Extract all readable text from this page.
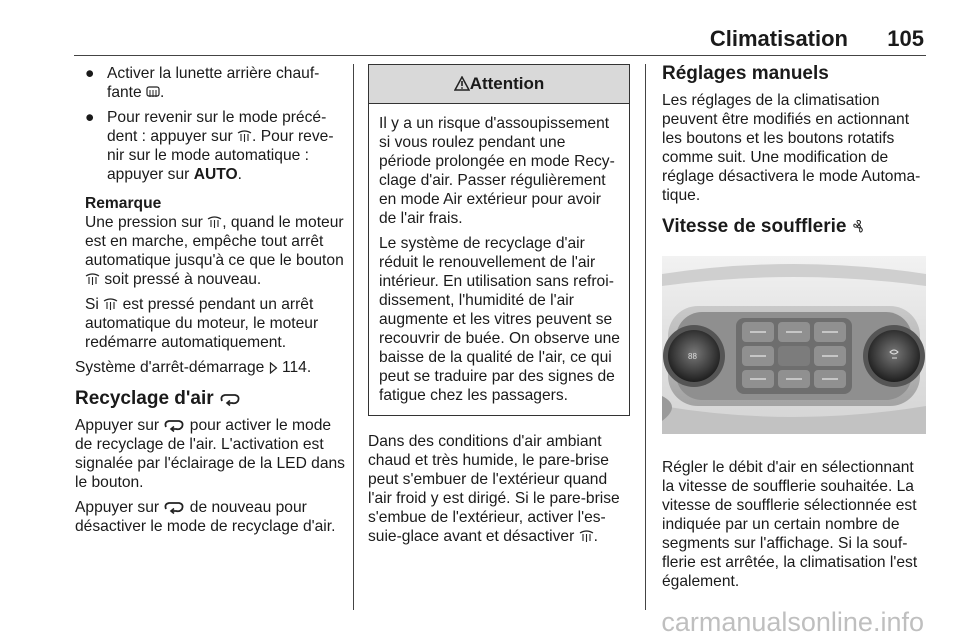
Climatisation 105
● Activer la lunette arrière chauf-fante .
● Pour revenir sur le mode précé-dent : appuyer sur . Pour reve-nir sur le mode automatique : appuyer sur AUTO.
Remarque

Une pression sur , quand le moteur est en marche, empêche tout arrêt automatique jusqu'à ce que le bouton  soit pressé à nouveau.

Si est pressé pendant un arrêt automatique du moteur, le moteur redémarre automatiquement.

Système d'arrêt-démarrage 114.

Recyclage d'air

Appuyer sur pour activer le mode de recyclage de l'air. L'activation est signalée par l'éclairage de la LED dans le bouton.

Appuyer sur de nouveau pour désactiver le mode de recyclage d'air.

Attention

Il y a un risque d'assoupissement si vous roulez pendant une période prolongée en mode Recy-clage d'air. Passer régulièrement en mode Air extérieur pour avoir de l'air frais.

Le système de recyclage d'air réduit le renouvellement de l'air intérieur. En utilisation sans refroi-dissement, l'humidité de l'air augmente et les vitres peuvent se recouvrir de buée. On observe une baisse de la qualité de l'air, ce qui peut se traduire par des signes de fatigue chez les passagers.

Dans des conditions d'air ambiant chaud et très humide, le pare-brise peut s'embuer de l'extérieur quand l'air froid y est dirigé. Si le pare-brise s'embue de l'extérieur, activer l'es-suie-glace avant et désactiver .

Réglages manuels

Les réglages de la climatisation peuvent être modifiés en actionnant les boutons et les boutons rotatifs comme suit. Une modification de réglage désactivera le mode Automa-tique.

Vitesse de soufflerie
88

Régler le débit d'air en sélectionnant la vitesse de soufflerie souhaitée. La vitesse de soufflerie sélectionnée est indiquée par un certain nombre de segments sur l'affichage. Si la souf-flerie est arrêtée, la climatisation l'est également.

carmanualsonline.info
